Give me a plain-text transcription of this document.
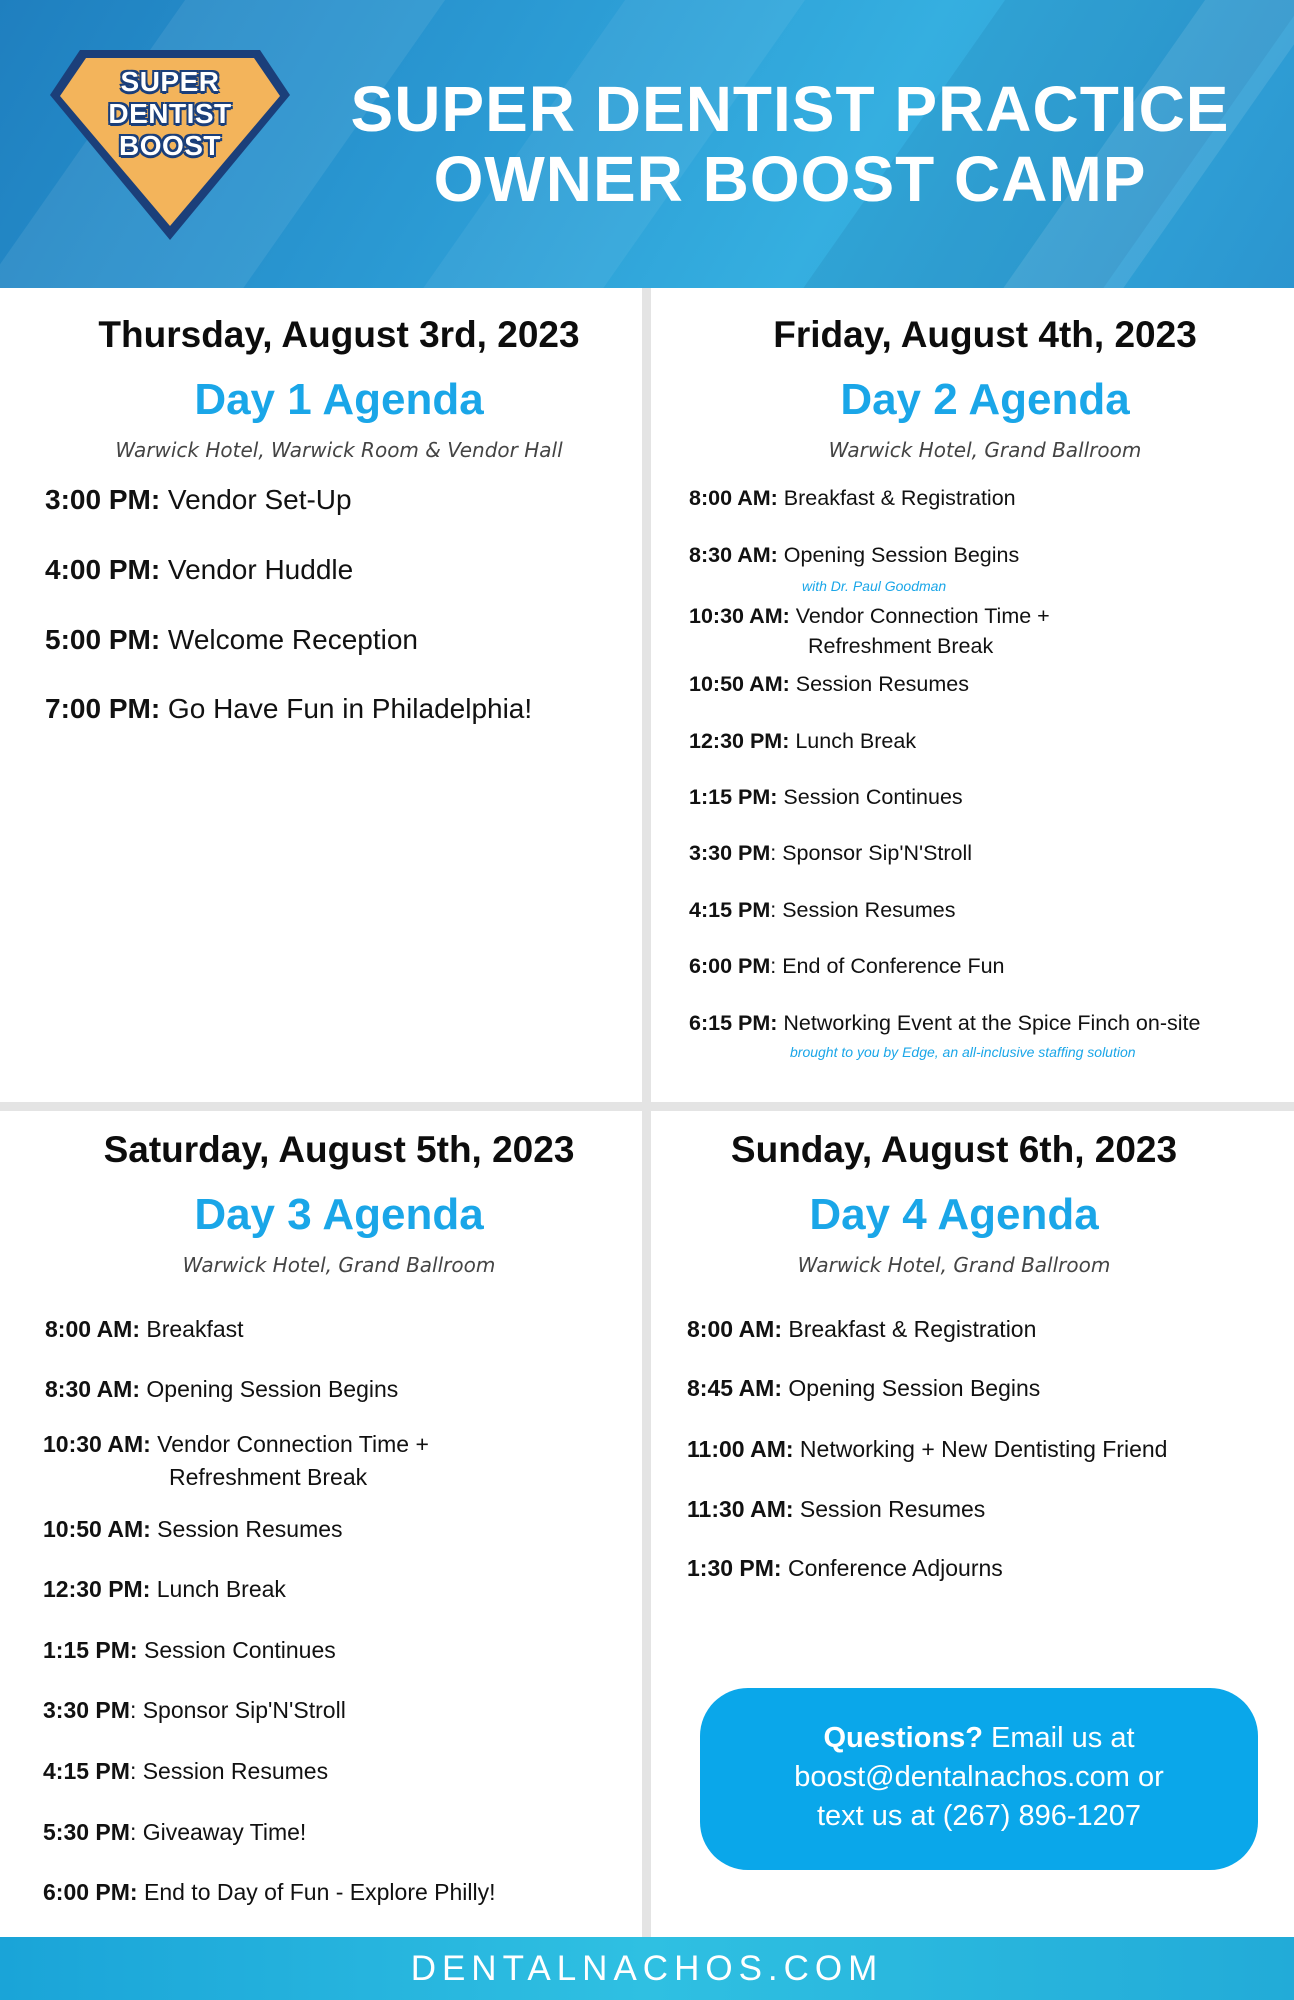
SUPER
DENTIST
BOOST
SUPER DENTIST PRACTICE
OWNER BOOST CAMP
Thursday, August 3rd, 2023
Day 1 Agenda
Warwick Hotel, Warwick Room & Vendor Hall
3:00 PM: Vendor Set-Up
4:00 PM: Vendor Huddle
5:00 PM: Welcome Reception
7:00 PM: Go Have Fun in Philadelphia!
Friday, August 4th, 2023
Day 2 Agenda
Warwick Hotel, Grand Ballroom
8:00 AM: Breakfast & Registration
8:30 AM: Opening Session Begins
with Dr. Paul Goodman
10:30 AM: Vendor Connection Time +
Refreshment Break
10:50 AM: Session Resumes
12:30 PM: Lunch Break
1:15 PM: Session Continues
3:30 PM: Sponsor Sip'N'Stroll
4:15 PM: Session Resumes
6:00 PM: End of Conference Fun
6:15 PM: Networking Event at the Spice Finch on-site
brought to you by Edge, an all-inclusive staffing solution
Saturday, August 5th, 2023
Day 3 Agenda
Warwick Hotel, Grand Ballroom
8:00 AM: Breakfast
8:30 AM: Opening Session Begins
10:30 AM: Vendor Connection Time +
Refreshment Break
10:50 AM: Session Resumes
12:30 PM: Lunch Break
1:15 PM: Session Continues
3:30 PM: Sponsor Sip'N'Stroll
4:15 PM: Session Resumes
5:30 PM: Giveaway Time!
6:00 PM: End to Day of Fun - Explore Philly!
Sunday, August 6th, 2023
Day 4 Agenda
Warwick Hotel, Grand Ballroom
8:00 AM: Breakfast & Registration
8:45 AM: Opening Session Begins
11:00 AM: Networking + New Dentisting Friend
11:30 AM: Session Resumes
1:30 PM: Conference Adjourns
Questions? Email us at
boost@dentalnachos.com or
text us at (267) 896-1207
DENTALNACHOS.COM
